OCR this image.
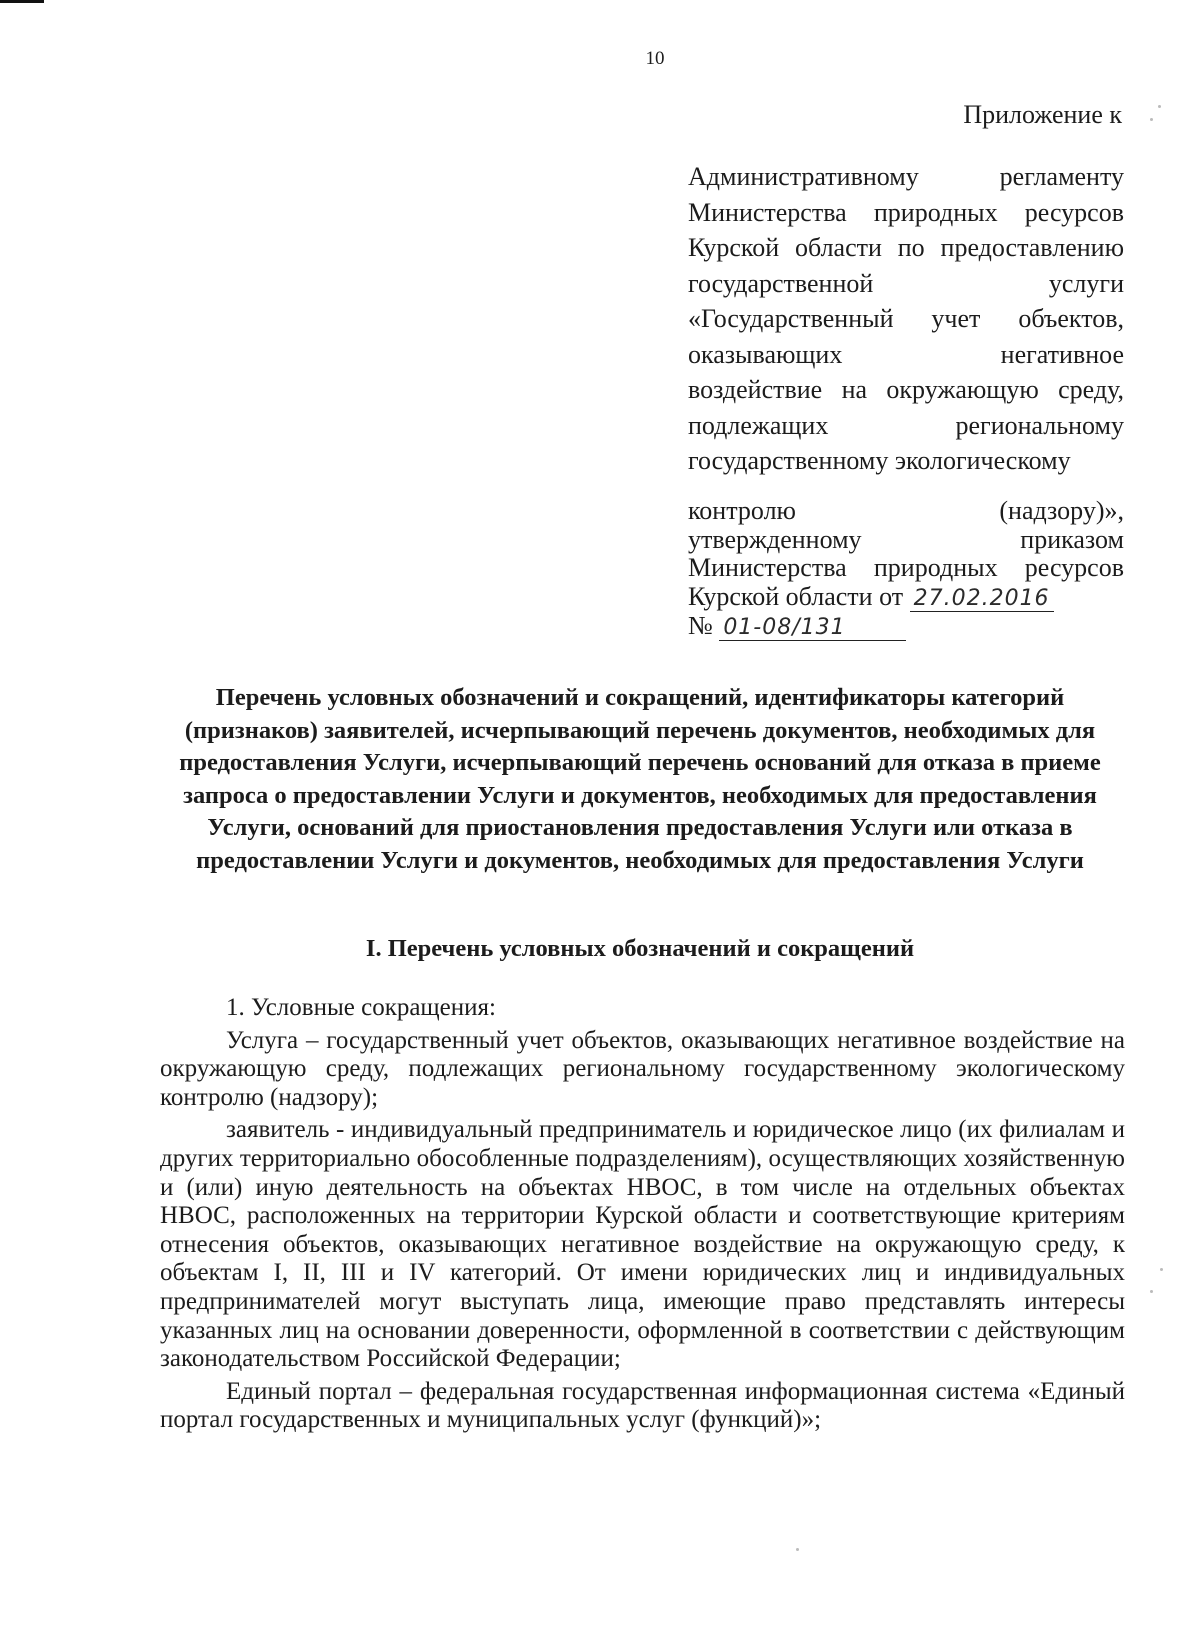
10
Приложение к
Административному регламенту
Министерства природных ресурсов
Курской области по предоставлению
государственной услуги
«Государственный учет объектов,
оказывающих негативное
воздействие на окружающую среду,
подлежащих региональному
государственному экологическому
контролю (надзору)»,
утвержденному приказом
Министерства природных ресурсов
Курской области от 27.02.2016
№ 01-08/131
Перечень условных обозначений и сокращений, идентификаторы категорий (признаков) заявителей, исчерпывающий перечень документов, необходимых для предоставления Услуги, исчерпывающий перечень оснований для отказа в приеме запроса о предоставлении Услуги и документов, необходимых для предоставления Услуги, оснований для приостановления предоставления Услуги или отказа в предоставлении Услуги и документов, необходимых для предоставления Услуги
I. Перечень условных обозначений и сокращений

1. Условные сокращения:

Услуга – государственный учет объектов, оказывающих негативное воздействие на окружающую среду, подлежащих региональному государственному экологическому контролю (надзору);

заявитель - индивидуальный предприниматель и юридическое лицо (их филиалам и других территориально обособленные подразделениям), осуществляющих хозяйственную и (или) иную деятельность на объектах НВОС, в том числе на отдельных объектах НВОС, расположенных на территории Курской области и соответствующие критериям отнесения объектов, оказывающих негативное воздействие на окружающую среду, к объектам I, II, III и IV категорий. От имени юридических лиц и индивидуальных предпринимателей могут выступать лица, имеющие право представлять интересы указанных лиц на основании доверенности, оформленной в соответствии с действующим законодательством Российской Федерации;

Единый портал – федеральная государственная информационная система «Единый портал государственных и муниципальных услуг (функций)»;
